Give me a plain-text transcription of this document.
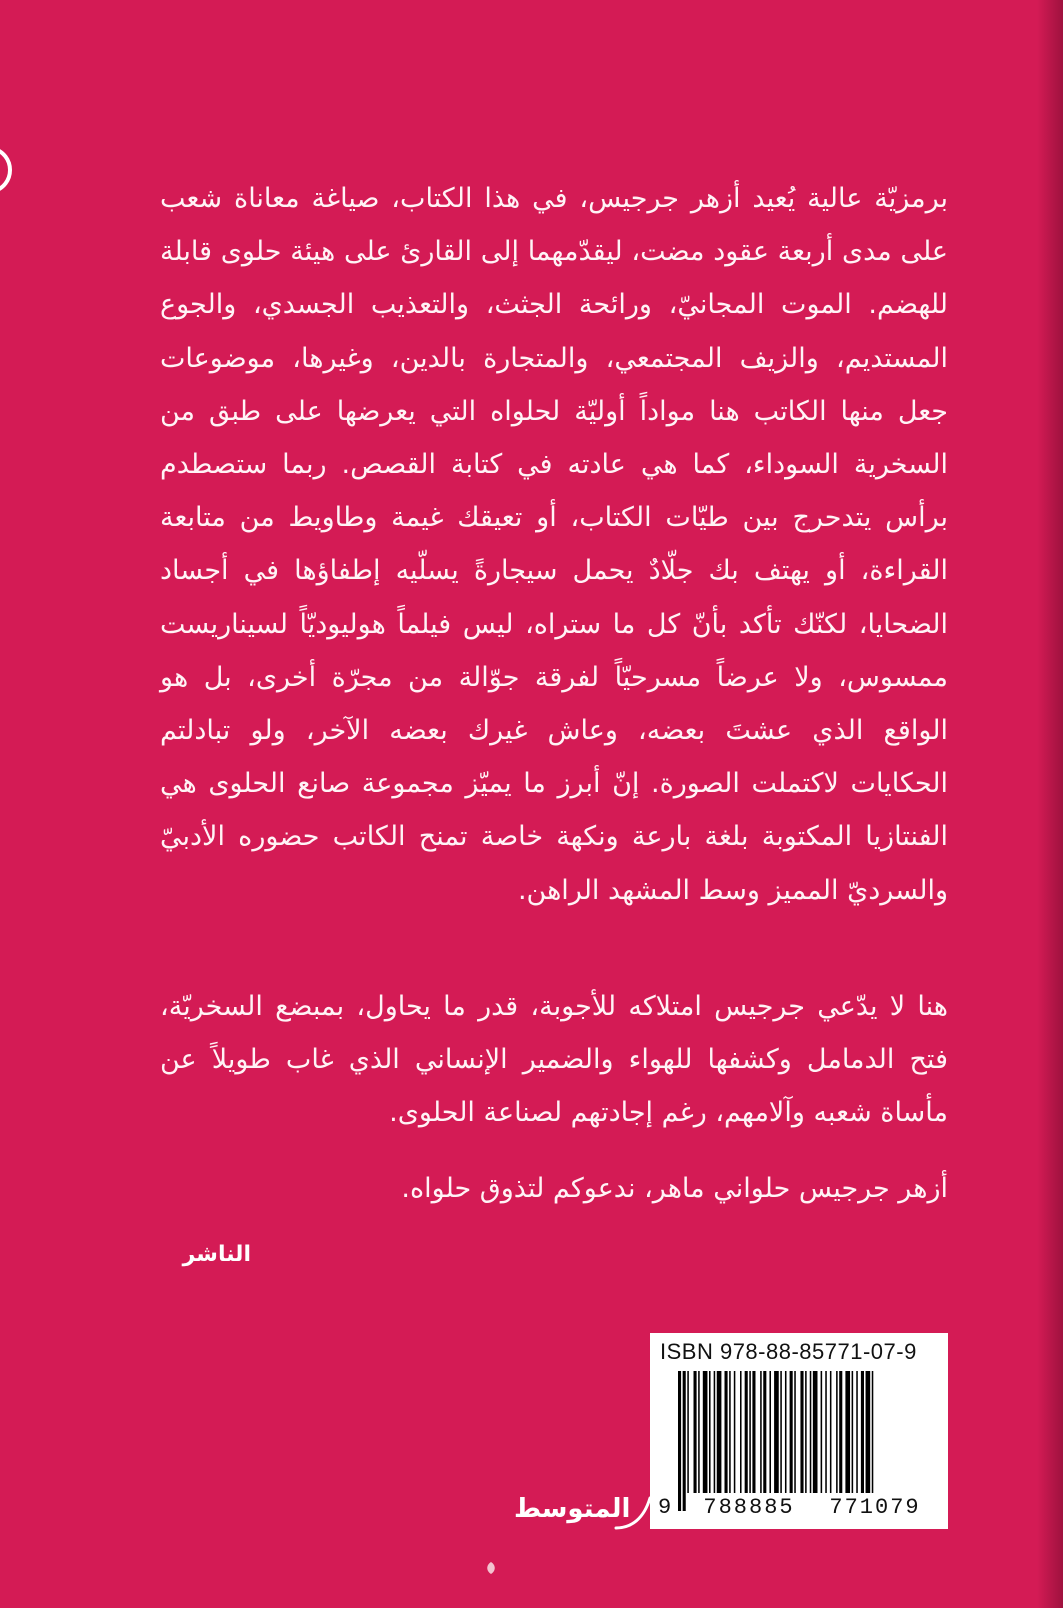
برمزيّة عالية يُعيد أزهر جرجيس، في هذا الكتاب، صياغة معاناة شعب على مدى أربعة عقود مضت، ليقدّمهما إلى القارئ على هيئة حلوى قابلة للهضم. الموت المجانيّ، ورائحة الجثث، والتعذيب الجسدي، والجوع المستديم، والزيف المجتمعي، والمتجارة بالدين، وغيرها، موضوعات جعل منها الكاتب هنا مواداً أوليّة لحلواه التي يعرضها على طبق من السخرية السوداء، كما هي عادته في كتابة القصص. ربما ستصطدم برأس يتدحرج بين طيّات الكتاب، أو تعيقك غيمة وطاويط من متابعة القراءة، أو يهتف بك جلّادٌ يحمل سيجارةً يسلّيه إطفاؤها في أجساد الضحايا، لكنّك تأكد بأنّ كل ما ستراه، ليس فيلماً هوليوديّاً لسيناريست ممسوس، ولا عرضاً مسرحيّاً لفرقة جوّالة من مجرّة أخرى، بل هو الواقع الذي عشتَ بعضه، وعاش غيرك بعضه الآخر، ولو تبادلتم الحكايات لاكتملت الصورة. إنّ أبرز ما يميّز مجموعة صانع الحلوى هي الفنتازيا المكتوبة بلغة بارعة ونكهة خاصة تمنح الكاتب حضوره الأدبيّ والسرديّ المميز وسط المشهد الراهن.

هنا لا يدّعي جرجيس امتلاكه للأجوبة، قدر ما يحاول، بمبضع السخريّة، فتح الدمامل وكشفها للهواء والضمير الإنساني الذي غاب طويلاً عن مأساة شعبه وآلامهم، رغم إجادتهم لصناعة الحلوى.

أزهر جرجيس حلواني ماهر، ندعوكم لتذوق حلواه.

الناشر
ISBN 978-88-85771-07-9
9	788885	771079
المتوسط
